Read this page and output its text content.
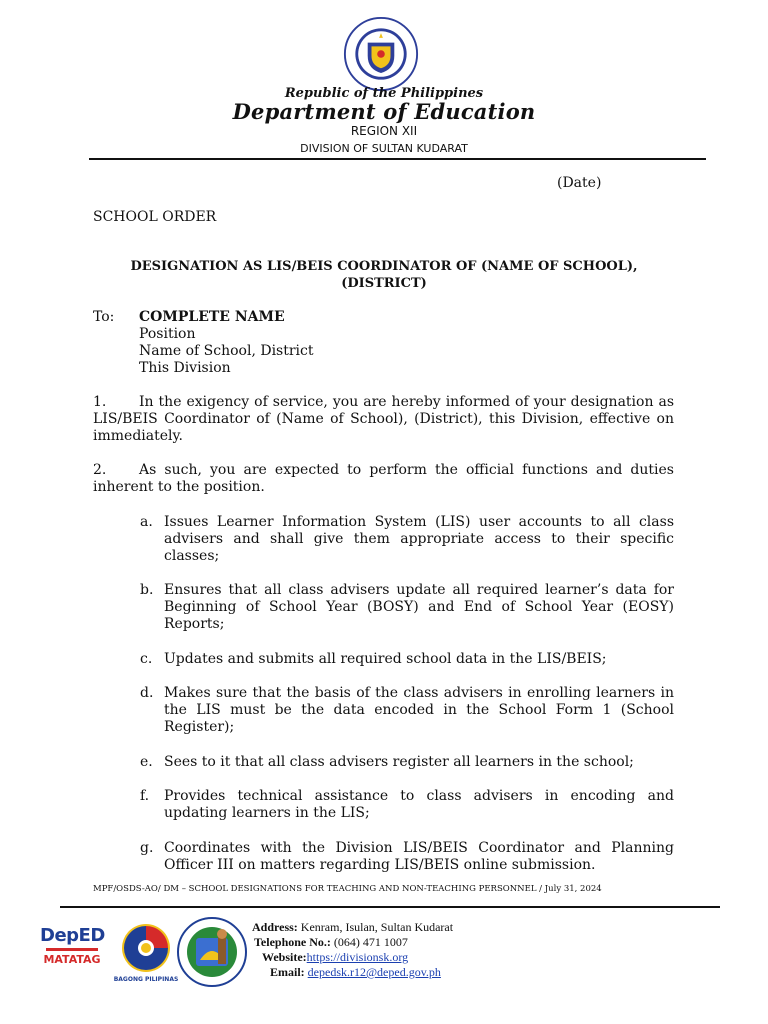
Republic of the Philippines
Department of Education
REGION XII
DIVISION OF SULTAN KUDARAT
(Date)
SCHOOL ORDER
DESIGNATION AS LIS/BEIS COORDINATOR OF (NAME OF SCHOOL),
(DISTRICT)
To: COMPLETE NAME
Position
Name of School, District
This Division
1. In the exigency of service, you are hereby informed of your designation as LIS/BEIS Coordinator of (Name of School), (District), this Division, effective on immediately.
2. As such, you are expected to perform the official functions and duties inherent to the position.
a. Issues Learner Information System (LIS) user accounts to all class advisers and shall give them appropriate access to their specific classes;
b. Ensures that all class advisers update all required learner’s data for Beginning of School Year (BOSY) and End of School Year (EOSY) Reports;
c. Updates and submits all required school data in the LIS/BEIS;
d. Makes sure that the basis of the class advisers in enrolling learners in the LIS must be the data encoded in the School Form 1 (School Register);
e. Sees to it that all class advisers register all learners in the school;
f.	Provides technical assistance to class advisers in encoding and updating learners in the LIS;
g. Coordinates with the Division LIS/BEIS Coordinator and Planning Officer III on matters regarding LIS/BEIS online submission.
MPF/OSDS-AO/ DM – SCHOOL DESIGNATIONS FOR TEACHING AND NON-TEACHING PERSONNEL / July 31, 2024
DepED
MATATAG
BAGONG PILIPINAS
Address: Kenram, Isulan, Sultan Kudarat
Telephone No.: (064) 471 1007
Website:https://divisionsk.org
Email: depedsk.r12@deped.gov.ph
